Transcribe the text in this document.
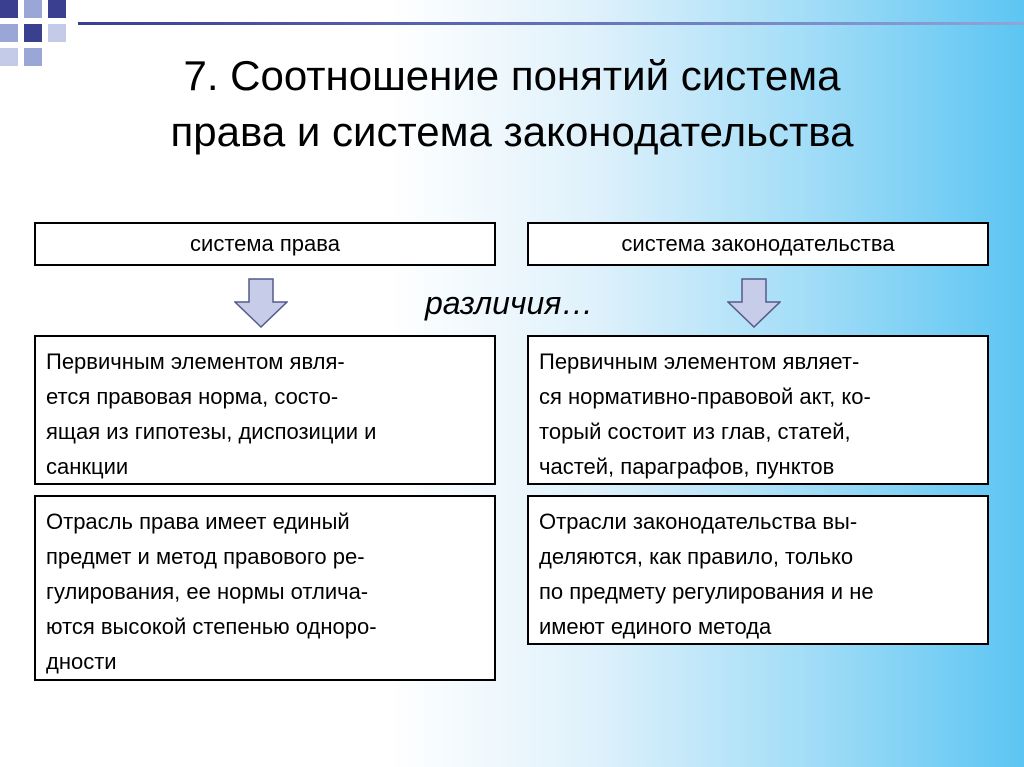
7. Соотношение понятий система
права и система законодательства
система права	система законодательства
различия…
Первичным элементом явля-
ется правовая норма, состо-
ящая из гипотезы, диспозиции и
санкции
Первичным элементом являет-
ся нормативно-правовой акт, ко-
торый состоит из глав, статей,
частей, параграфов, пунктов
Отрасль права имеет единый
предмет и метод правового ре-
гулирования, ее нормы отлича-
ются высокой степенью одноро-
дности
Отрасли законодательства вы-
деляются, как правило, только
по предмету регулирования и не
имеют единого метода
